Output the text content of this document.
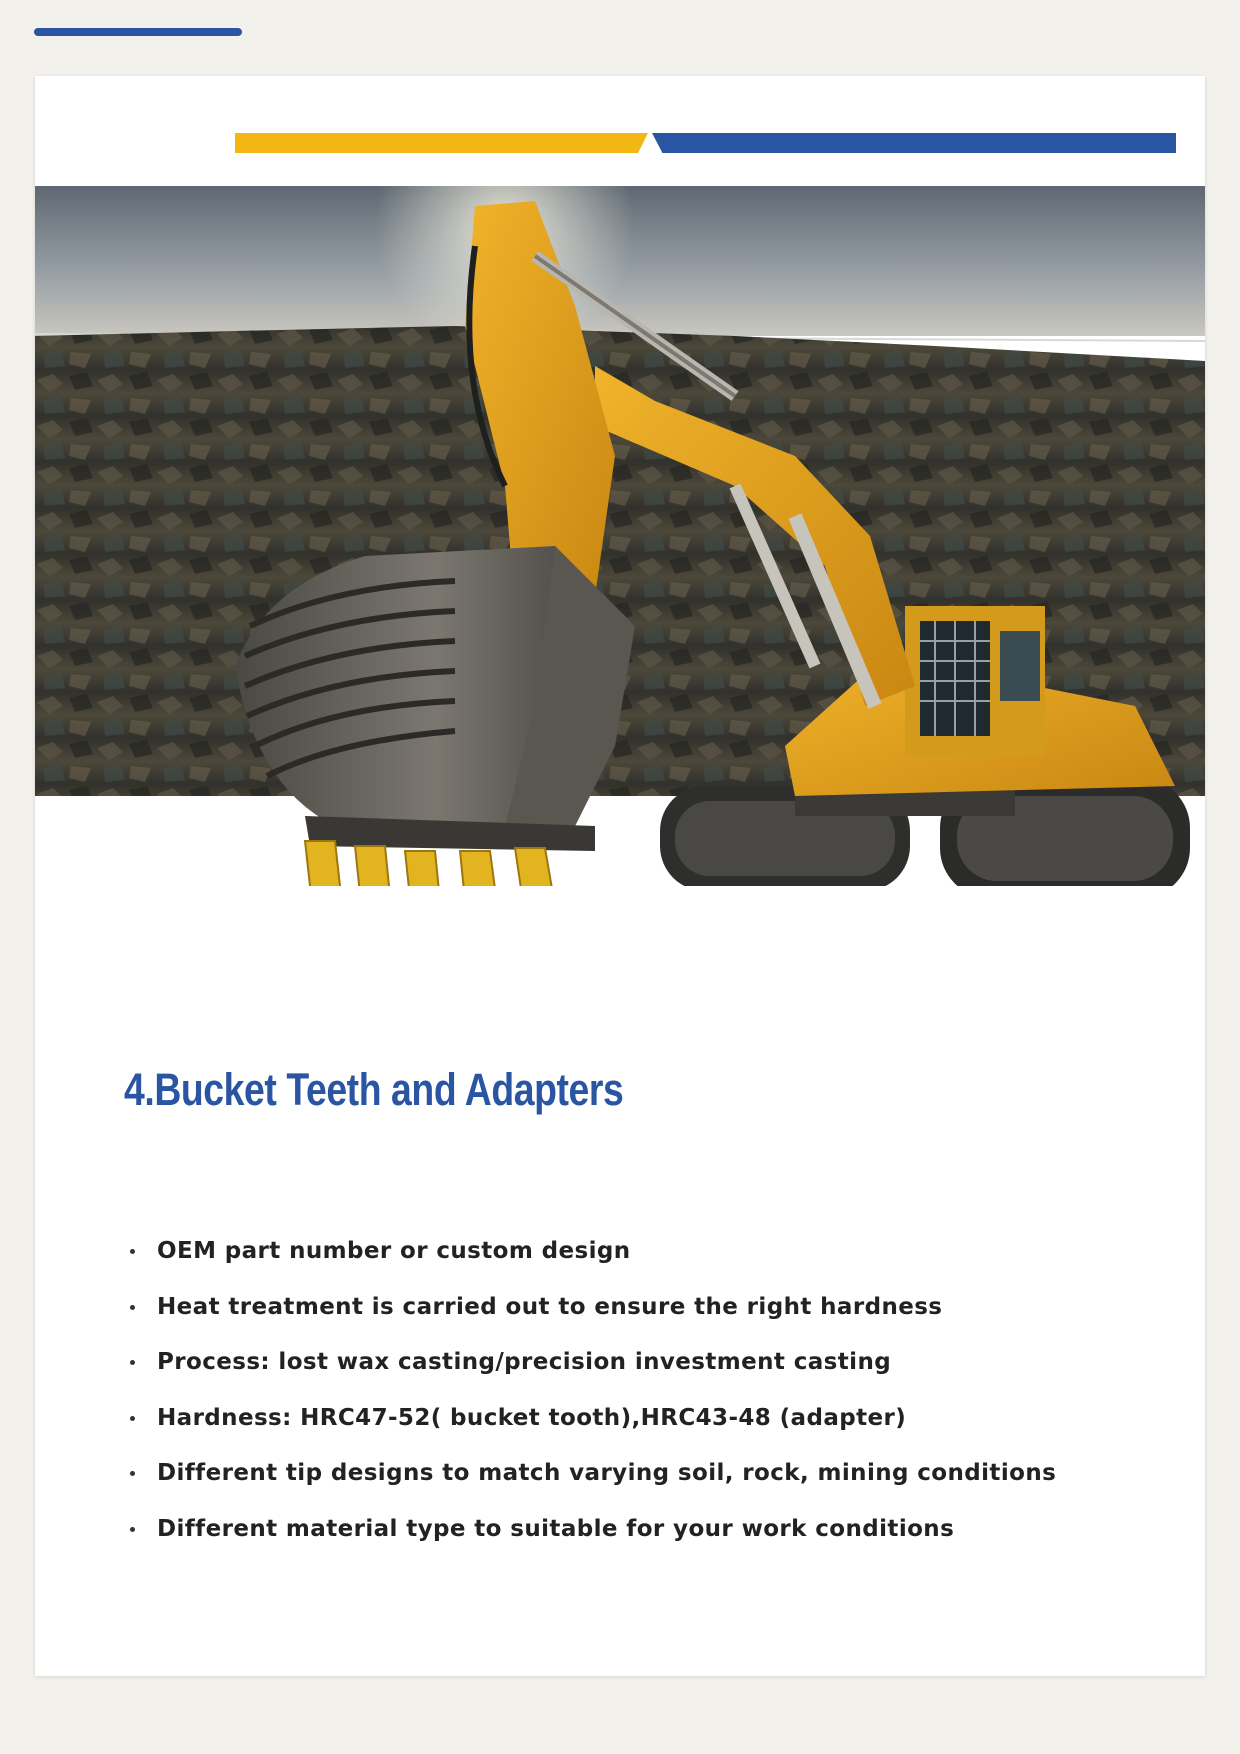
4.Bucket Teeth and Adapters
OEM part number or custom design
Heat treatment is carried out to ensure the right hardness
Process: lost wax casting/precision investment casting
Hardness: HRC47-52( bucket tooth),HRC43-48 (adapter)
Different tip designs to match varying soil, rock, mining conditions
Different material type to suitable for your work conditions
